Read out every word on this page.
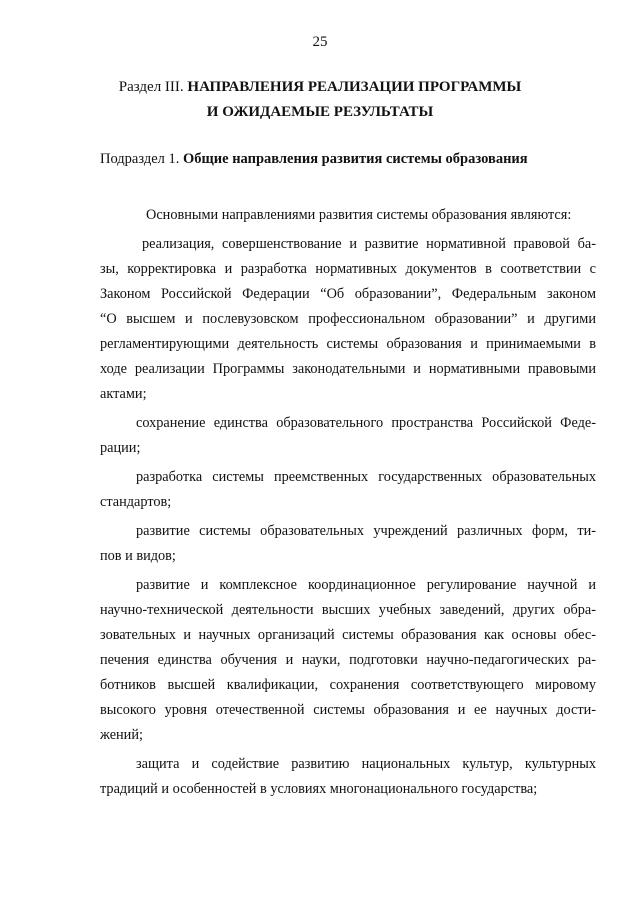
25
Раздел III. НАПРАВЛЕНИЯ РЕАЛИЗАЦИИ ПРОГРАММЫ
И ОЖИДАЕМЫЕ РЕЗУЛЬТАТЫ
Подраздел 1. Общие направления развития системы образования
Основными направлениями развития системы образования являются:
реализация, совершенствование и развитие нормативной правовой ба-
зы, корректировка и разработка нормативных документов в соответствии с
Законом Российской Федерации “Об образовании”, Федеральным законом
“О высшем и послевузовском профессиональном образовании” и другими
регламентирующими деятельность системы образования и принимаемыми в
ходе реализации Программы законодательными и нормативными правовыми
актами;
сохранение единства образовательного пространства Российской Феде-
рации;
разработка системы преемственных государственных образовательных
стандартов;
развитие системы образовательных учреждений различных форм, ти-
пов и видов;
развитие и комплексное координационное регулирование научной и
научно-технической деятельности высших учебных заведений, других обра-
зовательных и научных организаций системы образования как основы обес-
печения единства обучения и науки, подготовки научно-педагогических ра-
ботников высшей квалификации, сохранения соответствующего мировому
высокого уровня отечественной системы образования и ее научных дости-
жений;
защита и содействие развитию национальных культур, культурных
традиций и особенностей в условиях многонационального государства;
